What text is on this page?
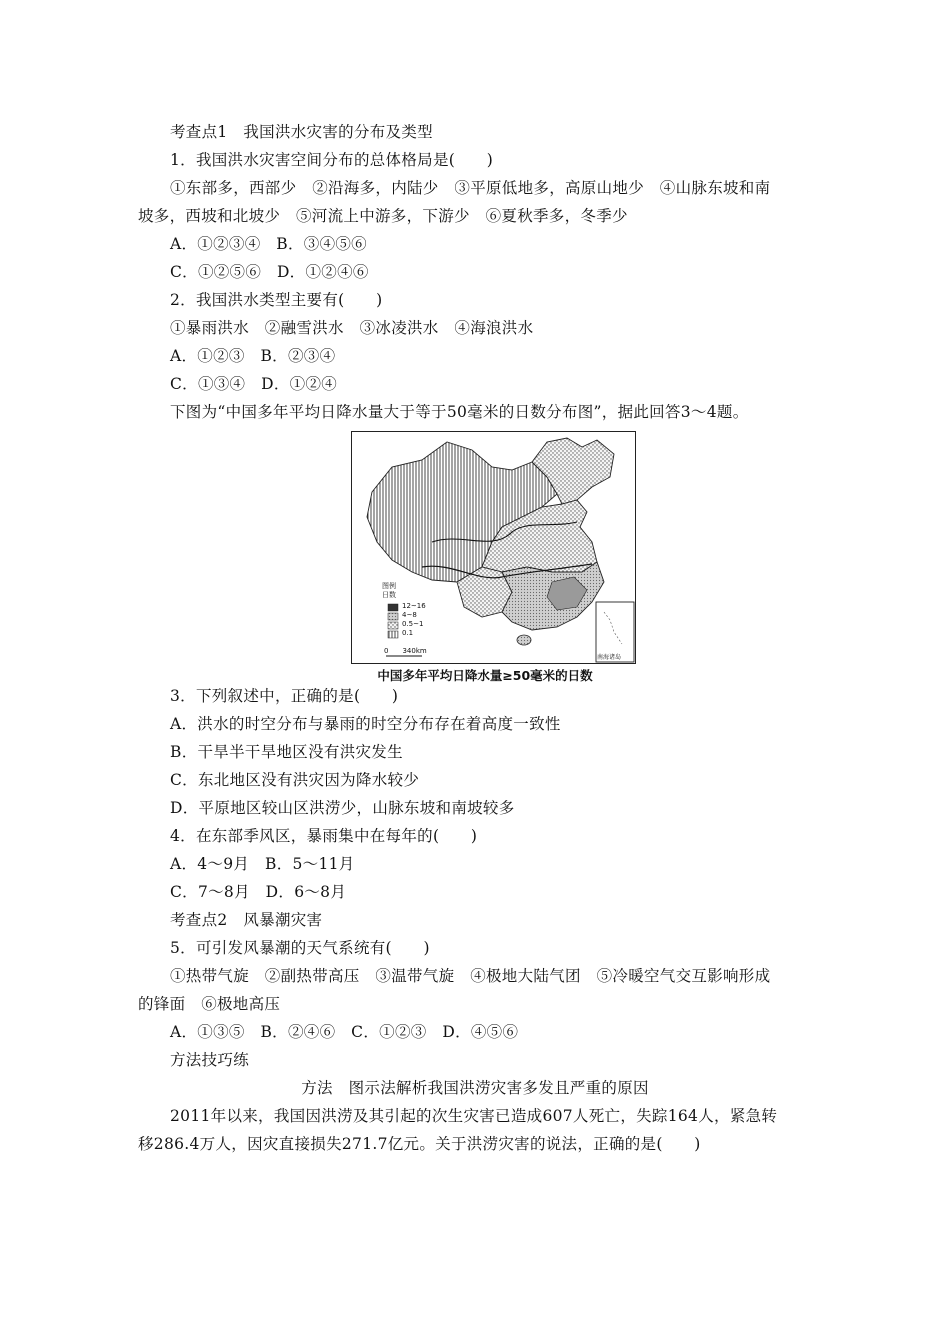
考查点1　我国洪水灾害的分布及类型
1．我国洪水灾害空间分布的总体格局是(　　)
①东部多，西部少　②沿海多，内陆少　③平原低地多，高原山地少　④山脉东坡和南
坡多，西坡和北坡少　⑤河流上中游多，下游少　⑥夏秋季多，冬季少
A．①②③④　B．③④⑤⑥
C．①②⑤⑥　D．①②④⑥
2．我国洪水类型主要有(　　)
①暴雨洪水　②融雪洪水　③冰凌洪水　④海浪洪水
A．①②③　B．②③④
C．①③④　D．①②④
下图为“中国多年平均日降水量大于等于50毫米的日数分布图”，据此回答3～4题。
图例
日数
12~16
4~8
0.5~1
0.1
0　　340km
南海诸岛
中国多年平均日降水量≥50毫米的日数
3．下列叙述中，正确的是(　　)
A．洪水的时空分布与暴雨的时空分布存在着高度一致性
B．干旱半干旱地区没有洪灾发生
C．东北地区没有洪灾因为降水较少
D．平原地区较山区洪涝少，山脉东坡和南坡较多
4．在东部季风区，暴雨集中在每年的(　　)
A．4～9月　B．5～11月
C．7～8月　D．6～8月
考查点2　风暴潮灾害
5．可引发风暴潮的天气系统有(　　)
①热带气旋　②副热带高压　③温带气旋　④极地大陆气团　⑤冷暖空气交互影响形成
的锋面　⑥极地高压
A．①③⑤　B．②④⑥　C．①②③　D．④⑤⑥
方法技巧练
方法　图示法解析我国洪涝灾害多发且严重的原因
2011年以来，我国因洪涝及其引起的次生灾害已造成607人死亡，失踪164人，紧急转
移286.4万人，因灾直接损失271.7亿元。关于洪涝灾害的说法，正确的是(　　)
